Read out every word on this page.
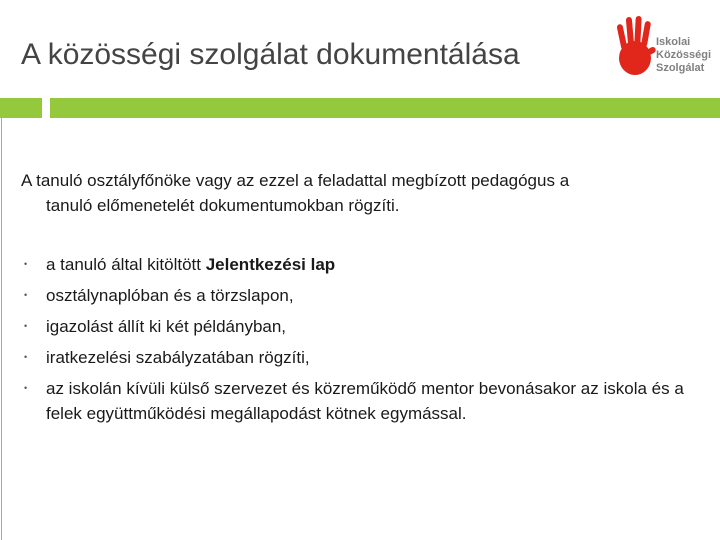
A közösségi szolgálat dokumentálása	Iskolai
Közösségi
Szolgálat

A tanuló osztályfőnöke vagy az ezzel a feladattal megbízott pedagógus a
tanuló előmenetelét dokumentumokban rögzíti.

• a tanuló által kitöltött Jelentkezési lap
• osztálynaplóban és a törzslapon,
• igazolást állít ki két példányban,
• iratkezelési szabályzatában rögzíti,
• az iskolán kívüli külső szervezet és közreműködő mentor bevonásakor az iskola és a felek együttműködési megállapodást kötnek egymással.
